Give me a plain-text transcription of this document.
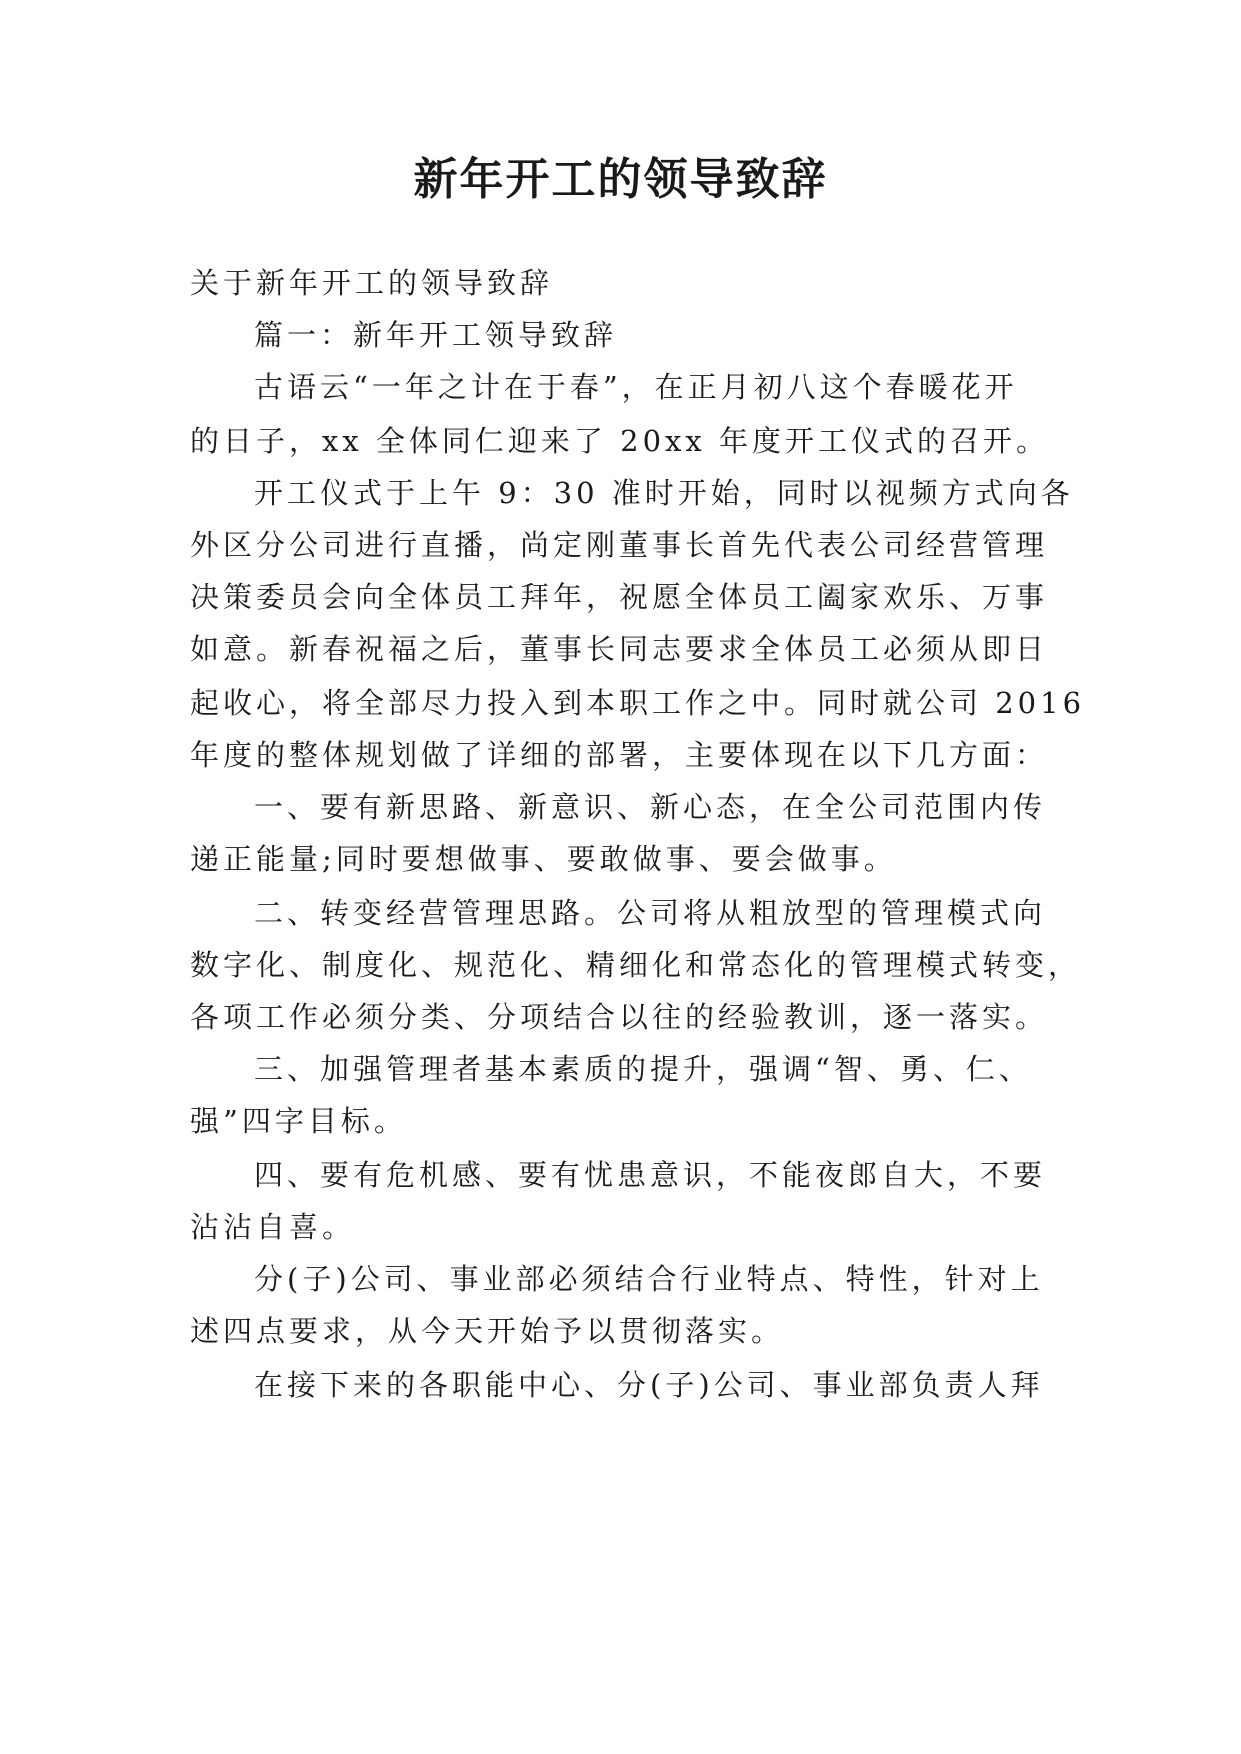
新年开工的领导致辞

关于新年开工的领导致辞

篇一：新年开工领导致辞

古语云“一年之计在于春”，在正月初八这个春暖花开

的日子，xx 全体同仁迎来了 20xx 年度开工仪式的召开。

开工仪式于上午 9：30 准时开始，同时以视频方式向各

外区分公司进行直播，尚定刚董事长首先代表公司经营管理

决策委员会向全体员工拜年，祝愿全体员工阖家欢乐、万事

如意。新春祝福之后，董事长同志要求全体员工必须从即日

起收心，将全部尽力投入到本职工作之中。同时就公司 2016

年度的整体规划做了详细的部署，主要体现在以下几方面：

一、要有新思路、新意识、新心态，在全公司范围内传

递正能量;同时要想做事、要敢做事、要会做事。

二、转变经营管理思路。公司将从粗放型的管理模式向

数字化、制度化、规范化、精细化和常态化的管理模式转变，

各项工作必须分类、分项结合以往的经验教训，逐一落实。

三、加强管理者基本素质的提升，强调“智、勇、仁、

强”四字目标。

四、要有危机感、要有忧患意识，不能夜郎自大，不要

沾沾自喜。

分(子)公司、事业部必须结合行业特点、特性，针对上

述四点要求，从今天开始予以贯彻落实。

在接下来的各职能中心、分(子)公司、事业部负责人拜
